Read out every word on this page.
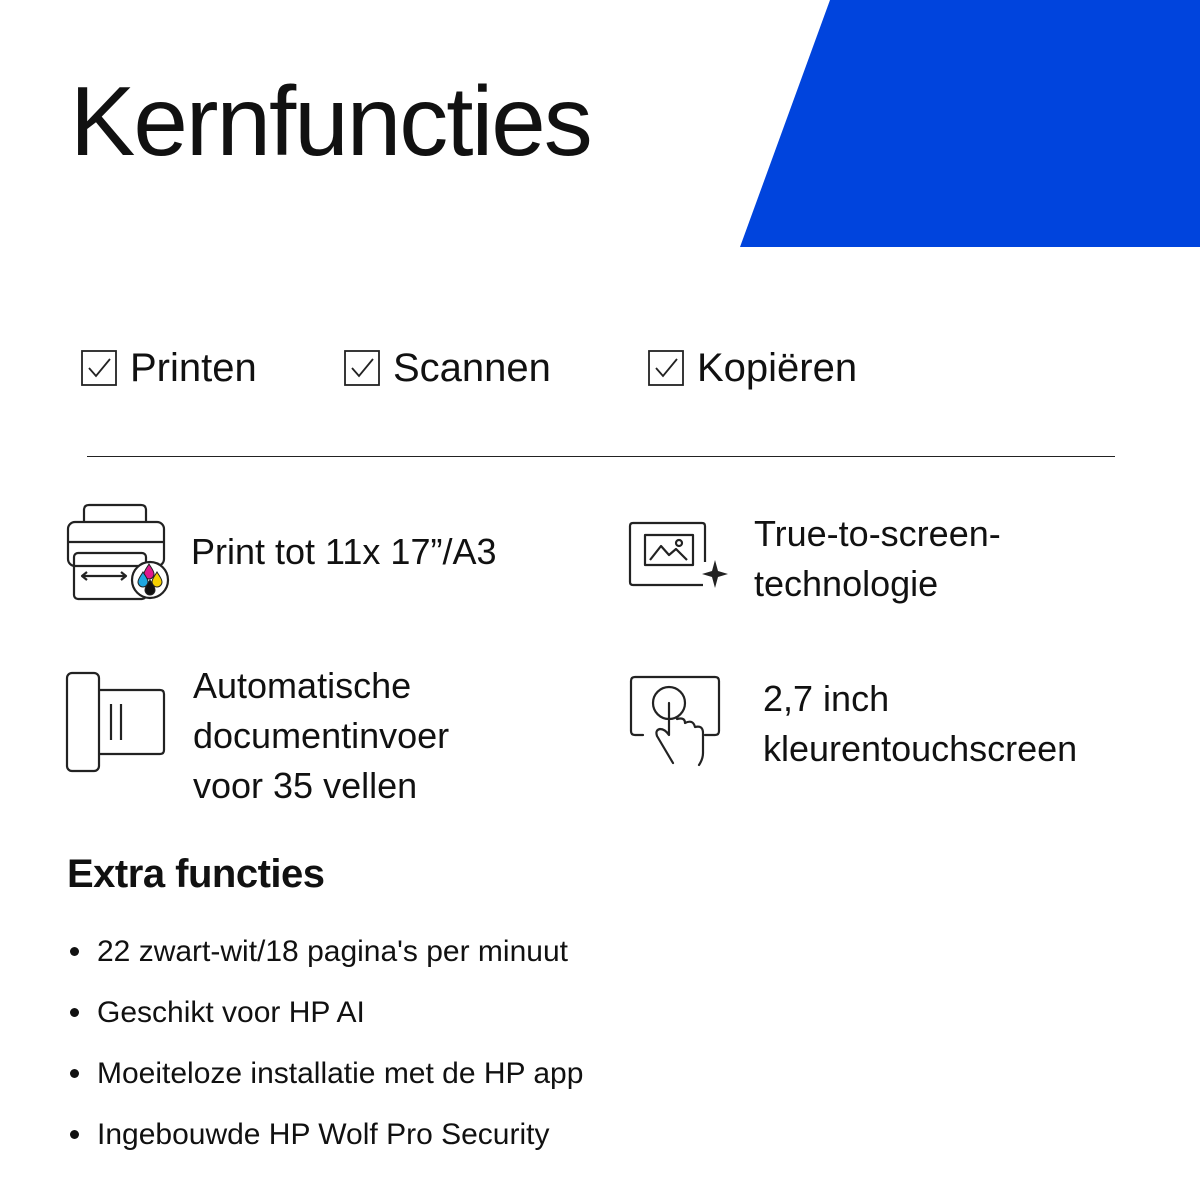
Kernfuncties
Printen	Scannen	Kopiëren

Print tot 11x 17”/A3	True-to-screen-
technologie

Automatische
documentinvoer
voor 35 vellen

2,7 inch
kleurentouchscreen

Extra functies
22 zwart-wit/18 pagina's per minuut
Geschikt voor HP AI
Moeiteloze installatie met de HP app
Ingebouwde HP Wolf Pro Security
